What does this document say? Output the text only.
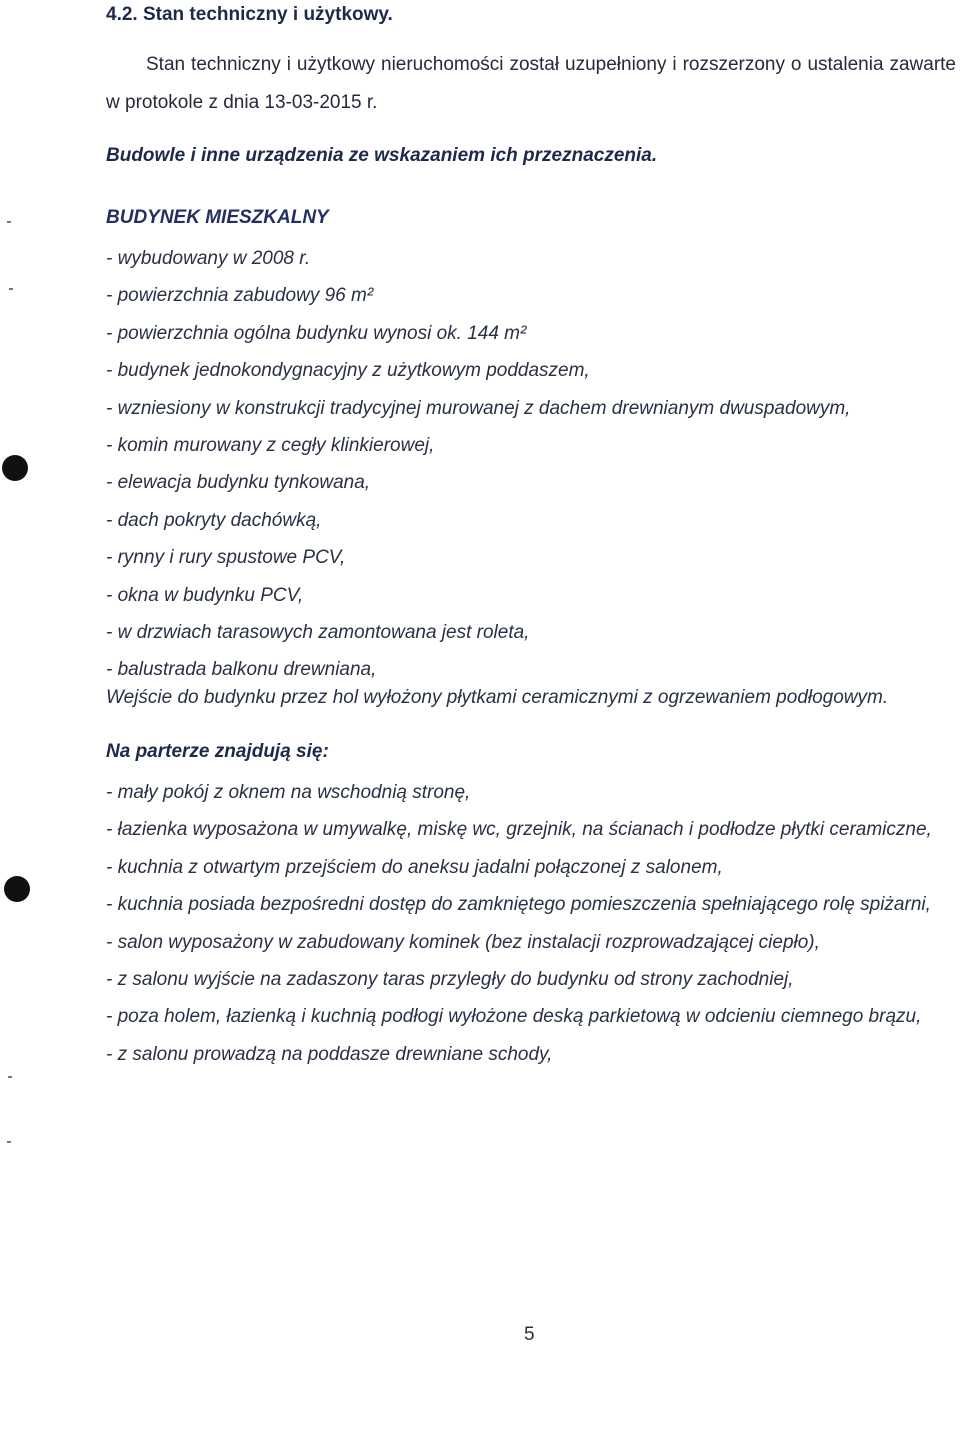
4.2. Stan techniczny i użytkowy.
Stan techniczny i użytkowy nieruchomości został uzupełniony i rozszerzony o ustalenia zawarte w protokole z dnia 13-03-2015 r.
Budowle i inne urządzenia ze wskazaniem ich przeznaczenia.
BUDYNEK MIESZKALNY
- wybudowany w 2008 r.
- powierzchnia zabudowy 96 m²
- powierzchnia ogólna budynku wynosi ok. 144 m²
- budynek jednokondygnacyjny z użytkowym poddaszem,
- wzniesiony w konstrukcji tradycyjnej murowanej z dachem drewnianym dwuspadowym,
- komin murowany z cegły klinkierowej,
- elewacja budynku tynkowana,
- dach pokryty dachówką,
- rynny i rury spustowe PCV,
- okna w budynku PCV,
- w drzwiach tarasowych zamontowana jest roleta,
- balustrada balkonu drewniana,
Wejście do budynku przez hol wyłożony płytkami ceramicznymi z ogrzewaniem podłogowym.
Na parterze znajdują się:
- mały pokój z oknem na wschodnią stronę,
- łazienka wyposażona w umywalkę, miskę wc, grzejnik, na ścianach i podłodze płytki ceramiczne,
- kuchnia z otwartym przejściem do aneksu jadalni połączonej z salonem,
- kuchnia posiada bezpośredni dostęp do zamkniętego pomieszczenia spełniającego rolę spiżarni,
- salon wyposażony w zabudowany kominek (bez instalacji rozprowadzającej ciepło),
- z salonu wyjście na zadaszony taras przyległy do budynku od strony zachodniej,
- poza holem, łazienką i kuchnią podłogi wyłożone deską parkietową w odcieniu ciemnego brązu,
- z salonu prowadzą na poddasze drewniane schody,
5
